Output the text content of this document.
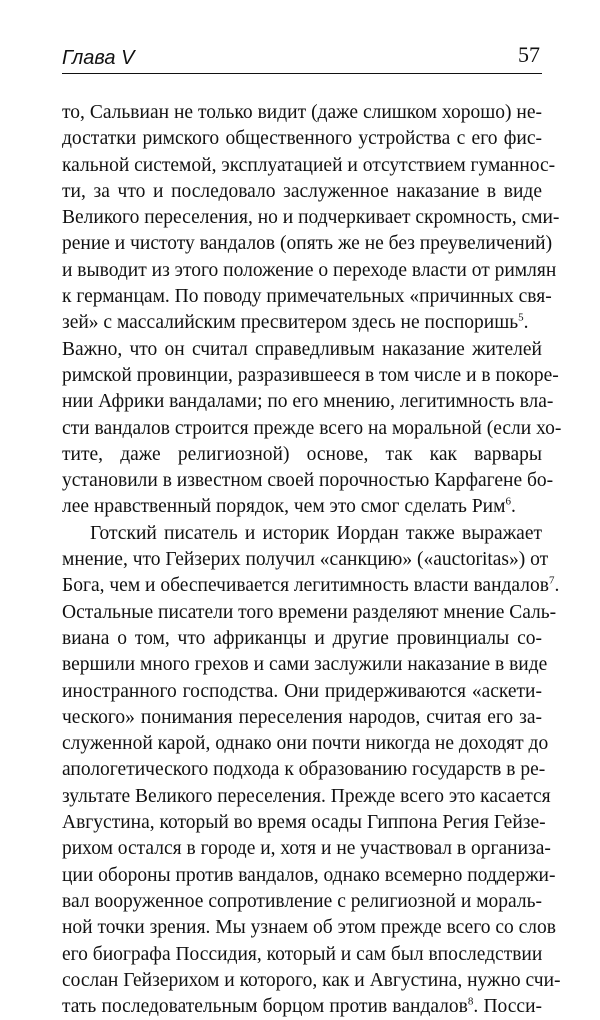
Глава V	57
то, Сальвиан не только видит (даже слишком хорошо) не-
достатки римского общественного устройства с его фис-
кальной системой, эксплуатацией и отсутствием гуманнос-
ти, за что и последовало заслуженное наказание в виде
Великого переселения, но и подчеркивает скромность, сми-
рение и чистоту вандалов (опять же не без преувеличений)
и выводит из этого положение о переходе власти от римлян
к германцам. По поводу примечательных «причинных свя-
зей» с массалийским пресвитером здесь не поспоришь$^5$.
Важно, что он считал справедливым наказание жителей
римской провинции, разразившееся в том числе и в покоре-
нии Африки вандалами; по его мнению, легитимность вла-
сти вандалов строится прежде всего на моральной (если хо-
тите, даже религиозной) основе, так как варвары
установили в известном своей порочностью Карфагене бо-
лее нравственный порядок, чем это смог сделать Рим$^6$.
Готский писатель и историк Иордан также выражает
мнение, что Гейзерих получил «санкцию» («auctoritas») от
Бога, чем и обеспечивается легитимность власти вандалов$^7$.
Остальные писатели того времени разделяют мнение Саль-
виана о том, что африканцы и другие провинциалы со-
вершили много грехов и сами заслужили наказание в виде
иностранного господства. Они придерживаются «аскети-
ческого» понимания переселения народов, считая его за-
служенной карой, однако они почти никогда не доходят до
апологетического подхода к образованию государств в ре-
зультате Великого переселения. Прежде всего это касается
Августина, который во время осады Гиппона Регия Гейзе-
рихом остался в городе и, хотя и не участвовал в организа-
ции обороны против вандалов, однако всемерно поддержи-
вал вооруженное сопротивление с религиозной и мораль-
ной точки зрения. Мы узнаем об этом прежде всего со слов
его биографа Поссидия, который и сам был впоследствии
сослан Гейзерихом и которого, как и Августина, нужно счи-
тать последовательным борцом против вандалов$^8$. Посси-
